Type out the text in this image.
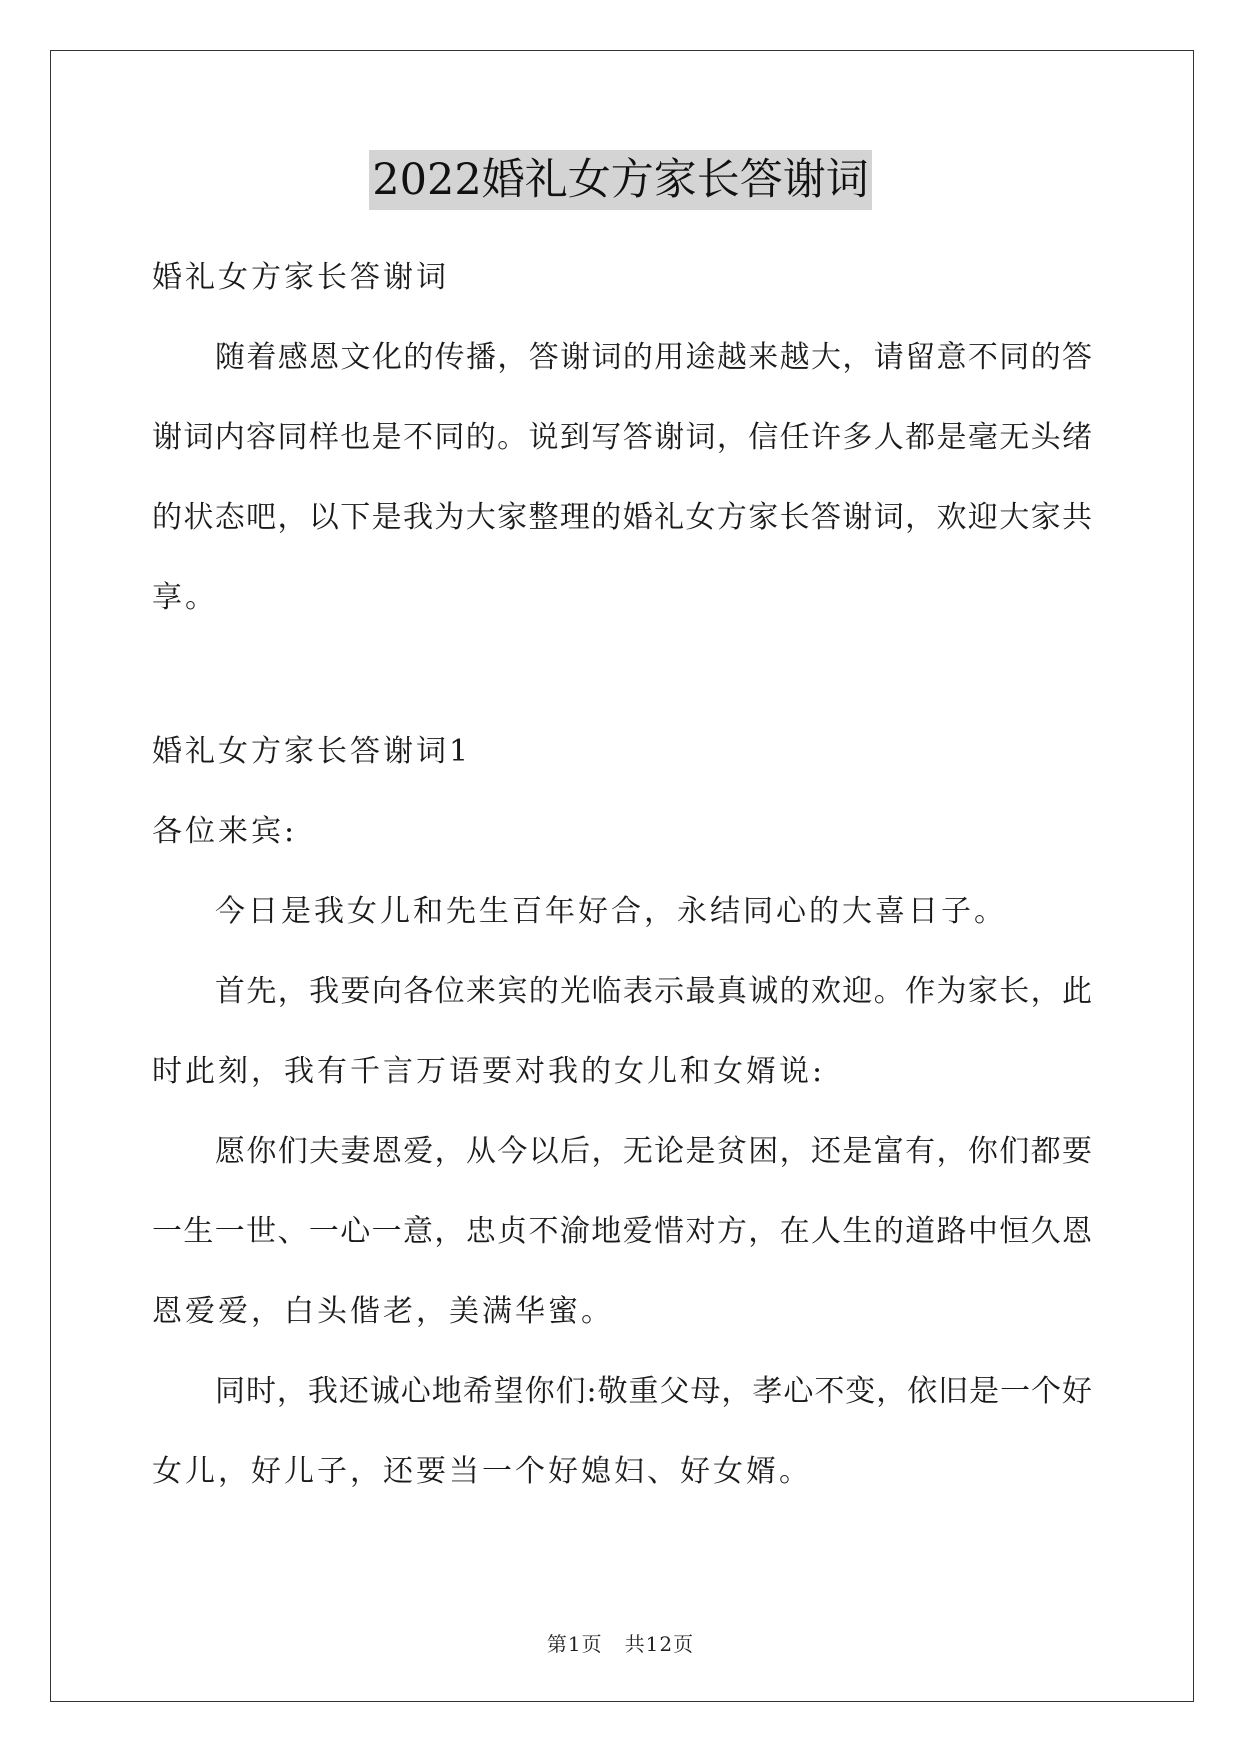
2022婚礼女方家长答谢词
婚礼女方家长答谢词
随着感恩文化的传播，答谢词的用途越来越大，请留意不同的答
谢词内容同样也是不同的。说到写答谢词，信任许多人都是毫无头绪
的状态吧，以下是我为大家整理的婚礼女方家长答谢词，欢迎大家共
享。
婚礼女方家长答谢词1
各位来宾:
今日是我女儿和先生百年好合，永结同心的大喜日子。
首先，我要向各位来宾的光临表示最真诚的欢迎。作为家长，此
时此刻，我有千言万语要对我的女儿和女婿说:
愿你们夫妻恩爱，从今以后，无论是贫困，还是富有，你们都要
一生一世、一心一意，忠贞不渝地爱惜对方，在人生的道路中恒久恩
恩爱爱，白头偕老，美满华蜜。
同时，我还诚心地希望你们:敬重父母，孝心不变，依旧是一个好
女儿，好儿子，还要当一个好媳妇、好女婿。
第1页   共12页
